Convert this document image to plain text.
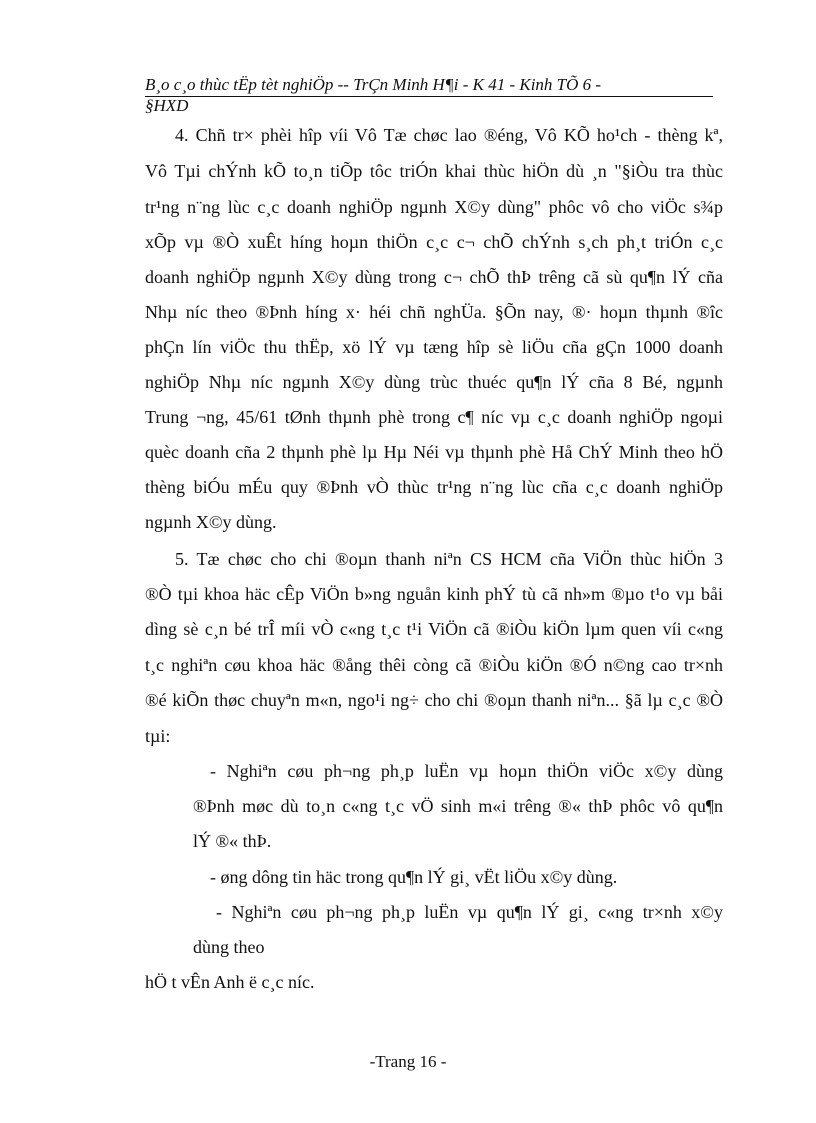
B¸o c¸o thùc tËp tèt nghiÖp -- TrÇn Minh H¶i - K 41 - Kinh TÕ 6 -
§HXD
4. Chñ tr× phèi hîp víi Vô Tæ chøc lao ®éng, Vô KÕ ho¹ch - thèng kª,
Vô Tµi chÝnh kÕ to¸n tiÕp tôc triÓn khai thùc hiÖn dù ¸n "§iÒu tra thùc
tr¹ng n¨ng lùc c¸c doanh nghiÖp ngµnh X©y dùng" phôc vô cho viÖc s¾p
xÕp vµ ®Ò xuÊt híng hoµn thiÖn c¸c c¬ chÕ chÝnh s¸ch ph¸t triÓn c¸c
doanh nghiÖp ngµnh X©y dùng trong c¬ chÕ thÞ trêng cã sù qu¶n lÝ cña
Nhµ níc theo ®Þnh híng x· héi chñ nghÜa. §Õn nay, ®· hoµn thµnh ®îc
phÇn lín viÖc thu thËp, xö lÝ vµ tæng hîp sè liÖu cña gÇn 1000 doanh
nghiÖp Nhµ níc ngµnh X©y dùng trùc thuéc qu¶n lÝ cña 8 Bé, ngµnh
Trung ¬ng, 45/61 tØnh thµnh phè trong c¶ níc vµ c¸c doanh nghiÖp ngoµi
quèc doanh cña 2 thµnh phè lµ Hµ Néi vµ thµnh phè Hå ChÝ Minh theo hÖ
thèng biÓu mÉu quy ®Þnh vÒ thùc tr¹ng n¨ng lùc cña c¸c doanh nghiÖp
ngµnh X©y dùng.
5. Tæ chøc cho chi ®oµn thanh niªn CS HCM cña ViÖn thùc hiÖn 3
®Ò tµi khoa häc cÊp ViÖn b»ng nguån kinh phÝ tù cã nh»m ®µo t¹o vµ båi
dìng sè c¸n bé trÎ míi vÒ c«ng t¸c t¹i ViÖn cã ®iÒu kiÖn lµm quen víi c«ng
t¸c nghiªn cøu khoa häc ®ång thêi còng cã ®iÒu kiÖn ®Ó n©ng cao tr×nh
®é kiÕn thøc chuyªn m«n, ngo¹i ng÷ cho chi ®oµn thanh niªn... §ã lµ c¸c ®Ò
tµi:
- Nghiªn cøu ph¬ng ph¸p luËn vµ hoµn thiÖn viÖc x©y dùng
®Þnh møc dù to¸n c«ng t¸c vÖ sinh m«i trêng ®« thÞ phôc vô qu¶n
lÝ ®« thÞ.
- øng dông tin häc trong qu¶n lÝ gi¸ vËt liÖu x©y dùng.
- Nghiªn cøu ph¬ng ph¸p luËn vµ qu¶n lÝ gi¸ c«ng tr×nh x©y
dùng theo
hÖ t vÊn Anh ë c¸c níc.
-Trang 16 -
